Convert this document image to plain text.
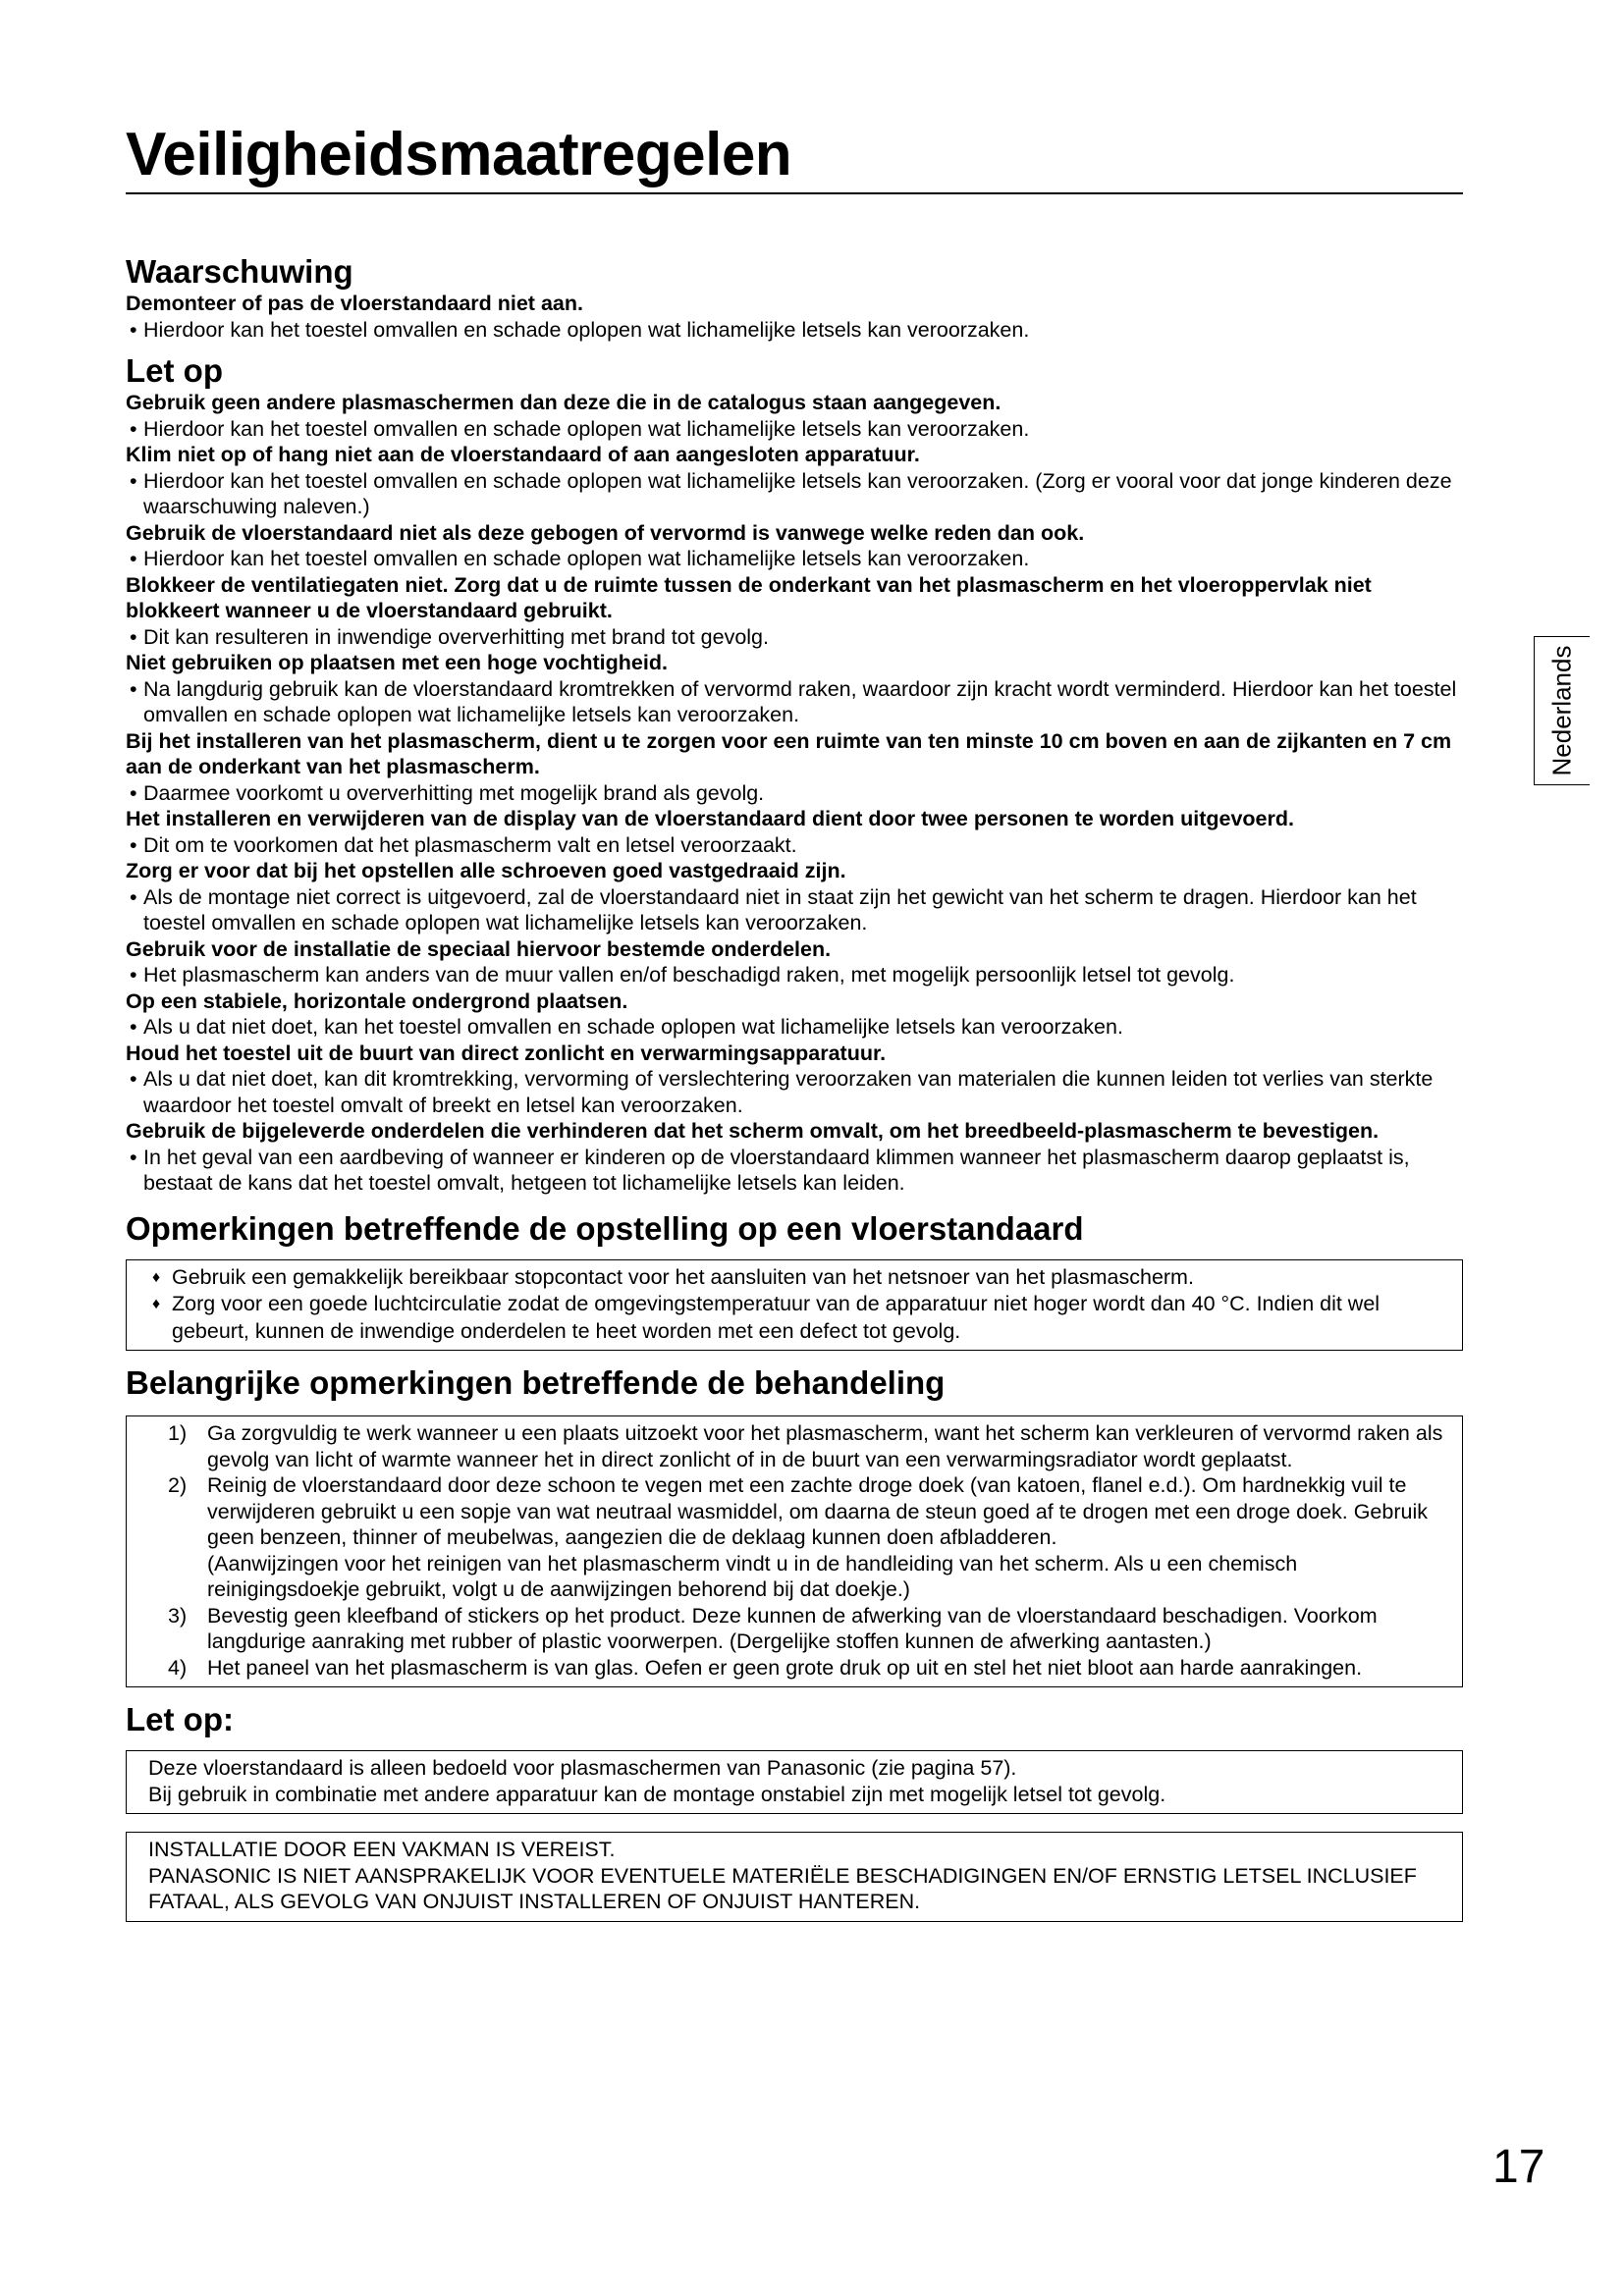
Veiligheidsmaatregelen
Nederlands
Waarschuwing
Demonteer of pas de vloerstandaard niet aan.
• Hierdoor kan het toestel omvallen en schade oplopen wat lichamelijke letsels kan veroorzaken.
Let op
Gebruik geen andere plasmaschermen dan deze die in de catalogus staan aangegeven.
• Hierdoor kan het toestel omvallen en schade oplopen wat lichamelijke letsels kan veroorzaken.
Klim niet op of hang niet aan de vloerstandaard of aan aangesloten apparatuur.
• Hierdoor kan het toestel omvallen en schade oplopen wat lichamelijke letsels kan veroorzaken. (Zorg er vooral voor dat jonge kinderen deze waarschuwing naleven.)
Gebruik de vloerstandaard niet als deze gebogen of vervormd is vanwege welke reden dan ook.
• Hierdoor kan het toestel omvallen en schade oplopen wat lichamelijke letsels kan veroorzaken.
Blokkeer de ventilatiegaten niet. Zorg dat u de ruimte tussen de onderkant van het plasmascherm en het vloeroppervlak niet blokkeert wanneer u de vloerstandaard gebruikt.
• Dit kan resulteren in inwendige oververhitting met brand tot gevolg.
Niet gebruiken op plaatsen met een hoge vochtigheid.
• Na langdurig gebruik kan de vloerstandaard kromtrekken of vervormd raken, waardoor zijn kracht wordt verminderd. Hierdoor kan het toestel omvallen en schade oplopen wat lichamelijke letsels kan veroorzaken.
Bij het installeren van het plasmascherm, dient u te zorgen voor een ruimte van ten minste 10 cm boven en aan de zijkanten en 7 cm aan de onderkant van het plasmascherm.
• Daarmee voorkomt u oververhitting met mogelijk brand als gevolg.
Het installeren en verwijderen van de display van de vloerstandaard dient door twee personen te worden uitgevoerd.
• Dit om te voorkomen dat het plasmascherm valt en letsel veroorzaakt.
Zorg er voor dat bij het opstellen alle schroeven goed vastgedraaid zijn.
• Als de montage niet correct is uitgevoerd, zal de vloerstandaard niet in staat zijn het gewicht van het scherm te dragen. Hierdoor kan het toestel omvallen en schade oplopen wat lichamelijke letsels kan veroorzaken.
Gebruik voor de installatie de speciaal hiervoor bestemde onderdelen.
• Het plasmascherm kan anders van de muur vallen en/of beschadigd raken, met mogelijk persoonlijk letsel tot gevolg.
Op een stabiele, horizontale ondergrond plaatsen.
• Als u dat niet doet, kan het toestel omvallen en schade oplopen wat lichamelijke letsels kan veroorzaken.
Houd het toestel uit de buurt van direct zonlicht en verwarmingsapparatuur.
• Als u dat niet doet, kan dit kromtrekking, vervorming of verslechtering veroorzaken van materialen die kunnen leiden tot verlies van sterkte waardoor het toestel omvalt of breekt en letsel kan veroorzaken.
Gebruik de bijgeleverde onderdelen die verhinderen dat het scherm omvalt, om het breedbeeld-plasmascherm te bevestigen.
• In het geval van een aardbeving of wanneer er kinderen op de vloerstandaard klimmen wanneer het plasmascherm daarop geplaatst is, bestaat de kans dat het toestel omvalt, hetgeen tot lichamelijke letsels kan leiden.
Opmerkingen betreffende de opstelling op een vloerstandaard
♦ Gebruik een gemakkelijk bereikbaar stopcontact voor het aansluiten van het netsnoer van het plasmascherm.
♦ Zorg voor een goede luchtcirculatie zodat de omgevingstemperatuur van de apparatuur niet hoger wordt dan 40 °C. Indien dit wel gebeurt, kunnen de inwendige onderdelen te heet worden met een defect tot gevolg.
Belangrijke opmerkingen betreffende de behandeling
1) Ga zorgvuldig te werk wanneer u een plaats uitzoekt voor het plasmascherm, want het scherm kan verkleuren of vervormd raken als gevolg van licht of warmte wanneer het in direct zonlicht of in de buurt van een verwarmingsradiator wordt geplaatst.
2) Reinig de vloerstandaard door deze schoon te vegen met een zachte droge doek (van katoen, flanel e.d.). Om hardnekkig vuil te verwijderen gebruikt u een sopje van wat neutraal wasmiddel, om daarna de steun goed af te drogen met een droge doek. Gebruik geen benzeen, thinner of meubelwas, aangezien die de deklaag kunnen doen afbladderen.
(Aanwijzingen voor het reinigen van het plasmascherm vindt u in de handleiding van het scherm. Als u een chemisch reinigingsdoekje gebruikt, volgt u de aanwijzingen behorend bij dat doekje.)
3) Bevestig geen kleefband of stickers op het product. Deze kunnen de afwerking van de vloerstandaard beschadigen. Voorkom langdurige aanraking met rubber of plastic voorwerpen. (Dergelijke stoffen kunnen de afwerking aantasten.)
4) Het paneel van het plasmascherm is van glas. Oefen er geen grote druk op uit en stel het niet bloot aan harde aanrakingen.
Let op:
Deze vloerstandaard is alleen bedoeld voor plasmaschermen van Panasonic (zie pagina 57).
Bij gebruik in combinatie met andere apparatuur kan de montage onstabiel zijn met mogelijk letsel tot gevolg.
INSTALLATIE DOOR EEN VAKMAN IS VEREIST.
PANASONIC IS NIET AANSPRAKELIJK VOOR EVENTUELE MATERIËLE BESCHADIGINGEN EN/OF ERNSTIG LETSEL INCLUSIEF FATAAL, ALS GEVOLG VAN ONJUIST INSTALLEREN OF ONJUIST HANTEREN.
17
